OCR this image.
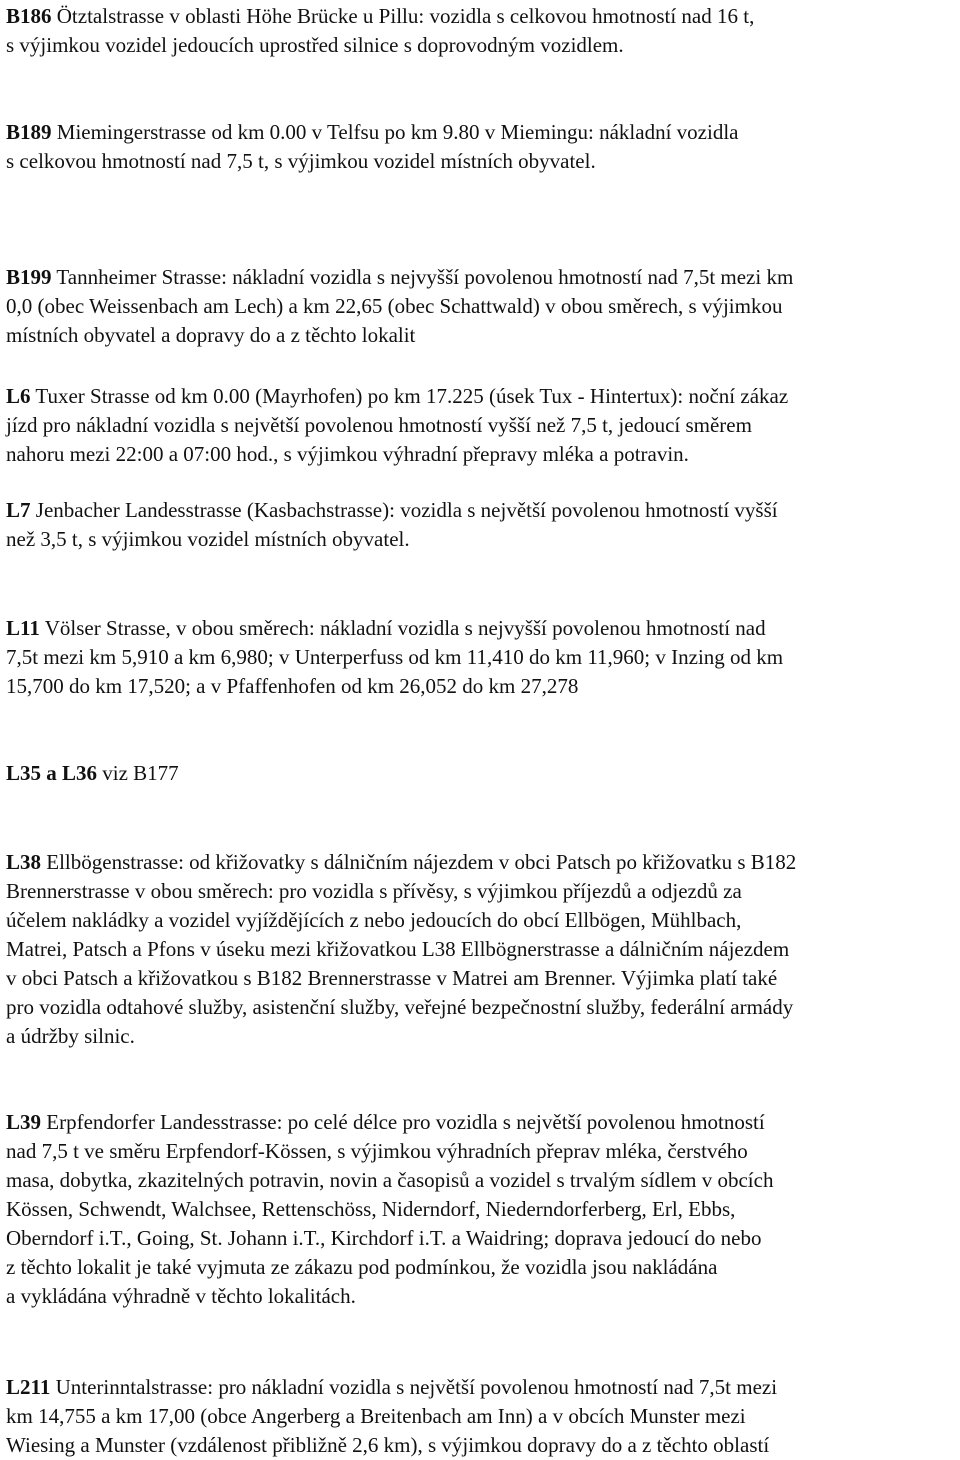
B186 Ötztalstrasse v oblasti Höhe Brücke u Pillu: vozidla s celkovou hmotností nad 16 t,
s výjimkou vozidel jedoucích uprostřed silnice s doprovodným vozidlem.

B189 Miemingerstrasse od km 0.00 v Telfsu po km 9.80 v Miemingu: nákladní vozidla
s celkovou hmotností nad 7,5 t, s výjimkou vozidel místních obyvatel.

B199 Tannheimer Strasse: nákladní vozidla s nejvyšší povolenou hmotností nad 7,5t mezi km
0,0 (obec Weissenbach am Lech) a km 22,65 (obec Schattwald) v obou směrech, s výjimkou
místních obyvatel a dopravy do a z těchto lokalit

L6 Tuxer Strasse od km 0.00 (Mayrhofen) po km 17.225 (úsek Tux - Hintertux): noční zákaz
jízd pro nákladní vozidla s největší povolenou hmotností vyšší než 7,5 t, jedoucí směrem
nahoru mezi 22:00 a 07:00 hod., s výjimkou výhradní přepravy mléka a potravin.

L7 Jenbacher Landesstrasse (Kasbachstrasse): vozidla s největší povolenou hmotností vyšší
než 3,5 t, s výjimkou vozidel místních obyvatel.

L11 Völser Strasse, v obou směrech: nákladní vozidla s nejvyšší povolenou hmotností nad
7,5t mezi km 5,910 a km 6,980; v Unterperfuss od km 11,410 do km 11,960; v Inzing od km
15,700 do km 17,520; a v Pfaffenhofen od km 26,052 do km 27,278

L35 a L36 viz B177

L38 Ellbögenstrasse: od křižovatky s dálničním nájezdem v obci Patsch po křižovatku s B182
Brennerstrasse v obou směrech: pro vozidla s přívěsy, s výjimkou příjezdů a odjezdů za
účelem nakládky a vozidel vyjíždějících z nebo jedoucích do obcí Ellbögen, Mühlbach,
Matrei, Patsch a Pfons v úseku mezi křižovatkou L38 Ellbögnerstrasse a dálničním nájezdem
v obci Patsch a křižovatkou s B182 Brennerstrasse v Matrei am Brenner. Výjimka platí také
pro vozidla odtahové služby, asistenční služby, veřejné bezpečnostní služby, federální armády
a údržby silnic.

L39 Erpfendorfer Landesstrasse: po celé délce pro vozidla s největší povolenou hmotností
nad 7,5 t ve směru Erpfendorf-Kössen, s výjimkou výhradních přeprav mléka, čerstvého
masa, dobytka, zkazitelných potravin, novin a časopisů a vozidel s trvalým sídlem v obcích
Kössen, Schwendt, Walchsee, Rettenschöss, Niderndorf, Niederndorferberg, Erl, Ebbs,
Oberndorf i.T., Going, St. Johann i.T., Kirchdorf i.T. a Waidring; doprava jedoucí do nebo
z těchto lokalit je také vyjmuta ze zákazu pod podmínkou, že vozidla jsou nakládána
a vykládána výhradně v těchto lokalitách.

L211 Unterinntalstrasse: pro nákladní vozidla s největší povolenou hmotností nad 7,5t mezi
km 14,755 a km 17,00 (obce Angerberg a Breitenbach am Inn) a v obcích Munster mezi
Wiesing a Munster (vzdálenost přibližně 2,6 km), s výjimkou dopravy do a z těchto oblastí
